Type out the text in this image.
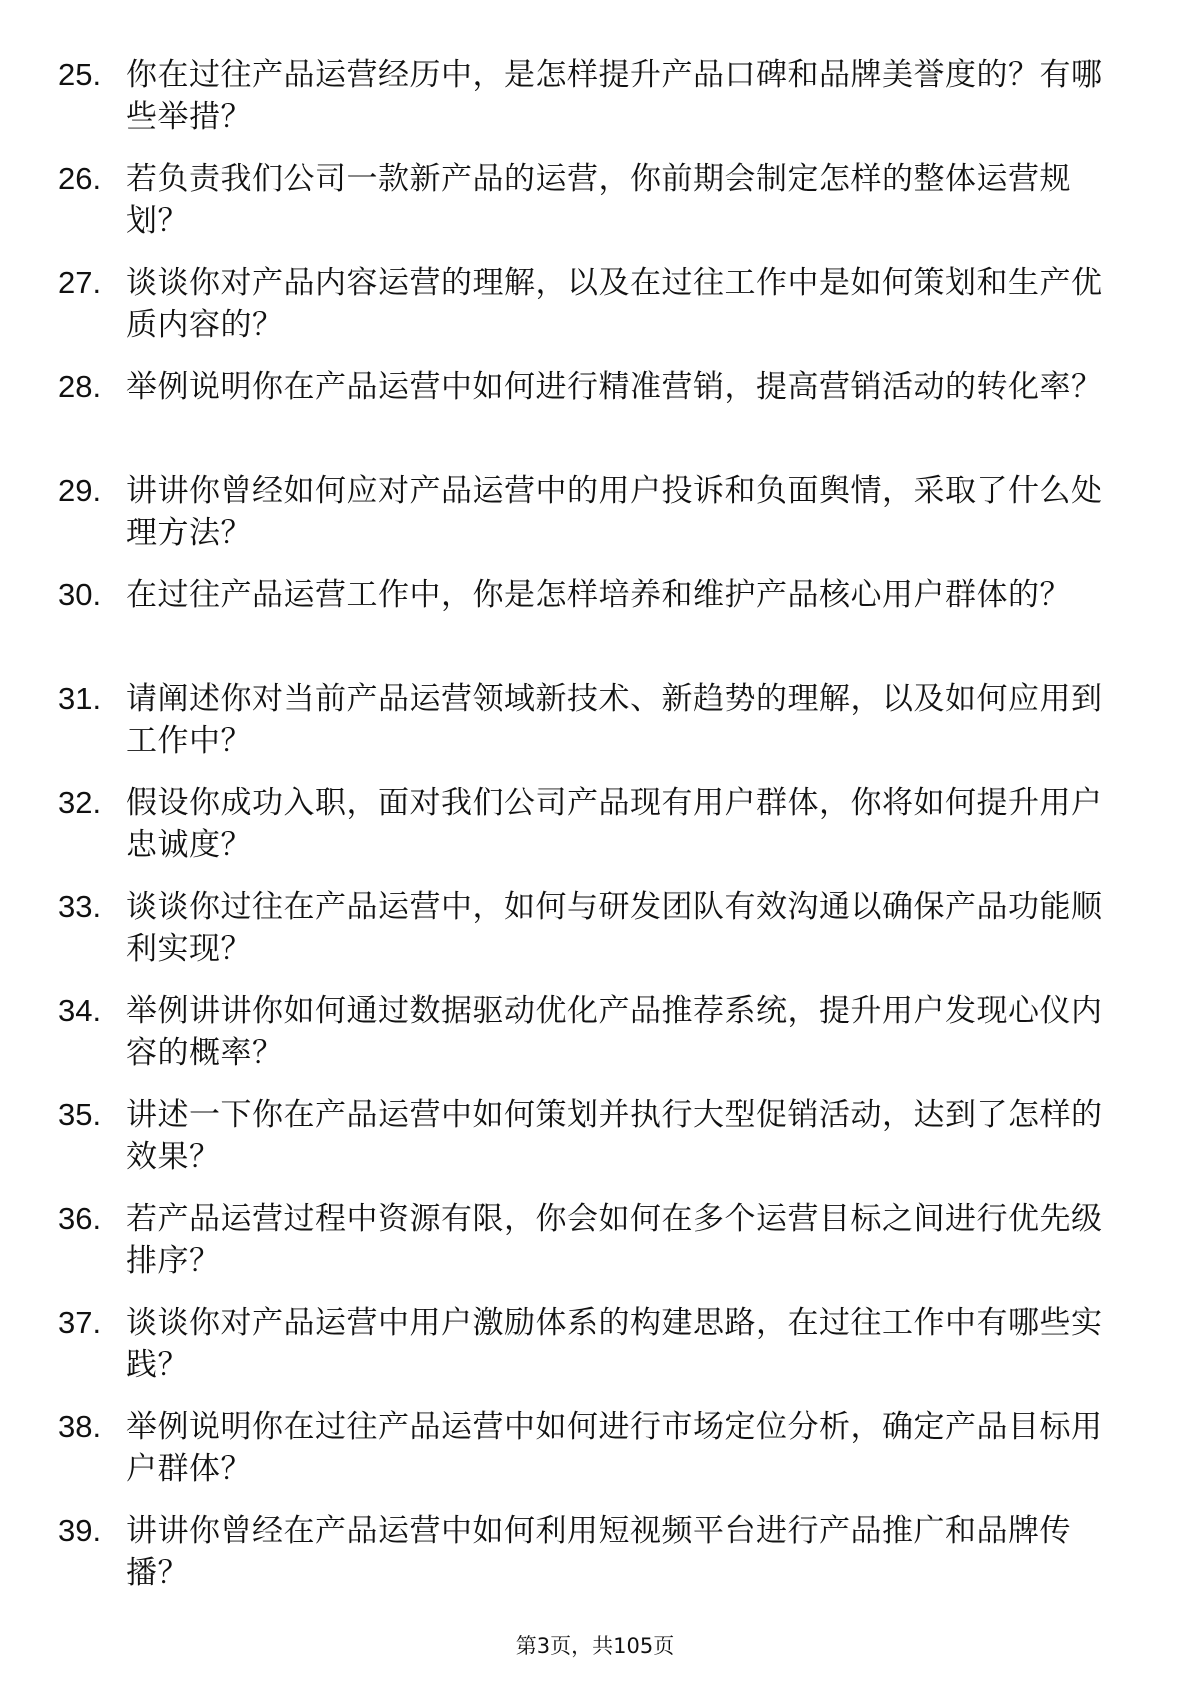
25. 你在过往产品运营经历中，是怎样提升产品口碑和品牌美誉度的？有哪些举措？
26. 若负责我们公司一款新产品的运营，你前期会制定怎样的整体运营规划？
27. 谈谈你对产品内容运营的理解，以及在过往工作中是如何策划和生产优质内容的？
28. 举例说明你在产品运营中如何进行精准营销，提高营销活动的转化率？
29. 讲讲你曾经如何应对产品运营中的用户投诉和负面舆情，采取了什么处理方法？
30. 在过往产品运营工作中，你是怎样培养和维护产品核心用户群体的？
31. 请阐述你对当前产品运营领域新技术、新趋势的理解，以及如何应用到工作中？
32. 假设你成功入职，面对我们公司产品现有用户群体，你将如何提升用户忠诚度？
33. 谈谈你过往在产品运营中，如何与研发团队有效沟通以确保产品功能顺利实现？
34. 举例讲讲你如何通过数据驱动优化产品推荐系统，提升用户发现心仪内容的概率？
35. 讲述一下你在产品运营中如何策划并执行大型促销活动，达到了怎样的效果？
36. 若产品运营过程中资源有限，你会如何在多个运营目标之间进行优先级排序？
37. 谈谈你对产品运营中用户激励体系的构建思路，在过往工作中有哪些实践？
38. 举例说明你在过往产品运营中如何进行市场定位分析，确定产品目标用户群体？
39. 讲讲你曾经在产品运营中如何利用短视频平台进行产品推广和品牌传播？
第3页，共105页
